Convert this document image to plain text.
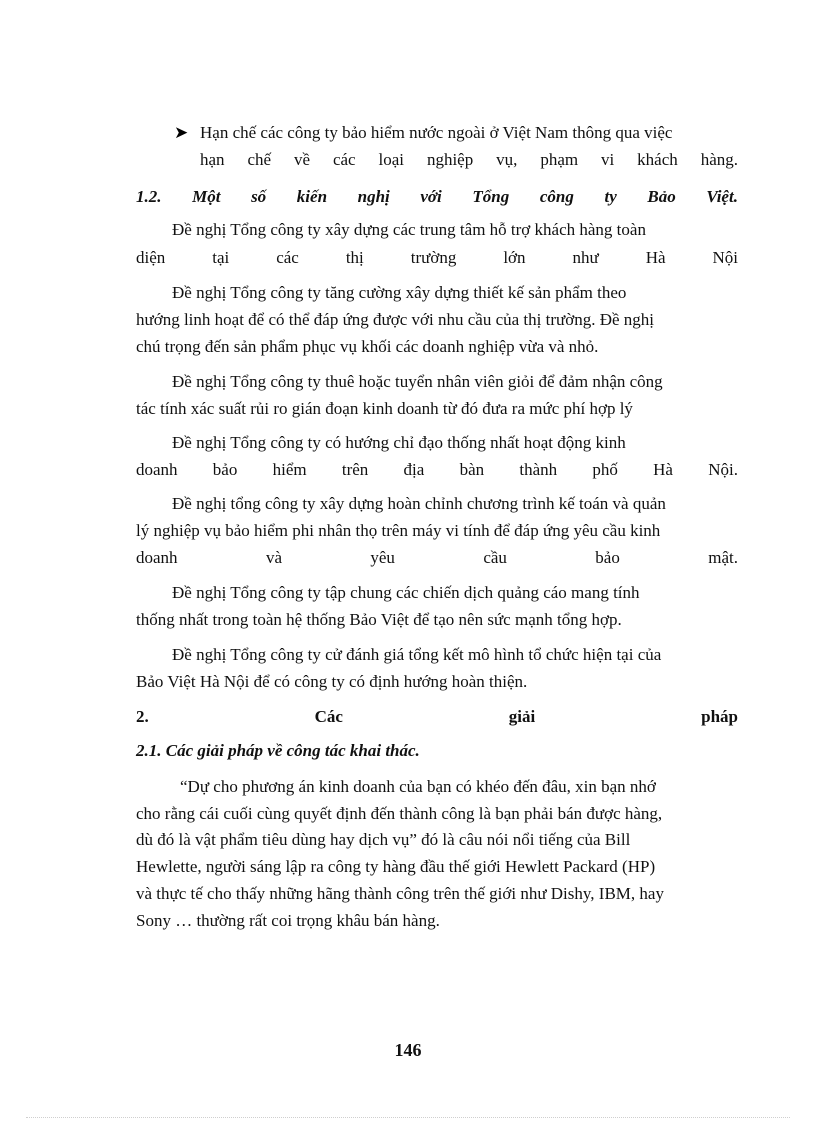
➤ Hạn chế các công ty bảo hiểm nước ngoài ở Việt Nam thông qua việc
hạn chế về các loại nghiệp vụ, phạm vi khách hàng.
1.2. Một số kiến nghị với Tổng công ty Bảo Việt.
Đề nghị Tổng công ty xây dựng các trung tâm hỗ trợ khách hàng toàn
diện	tại	các	thị	trường	lớn	như	Hà	Nội
Đề nghị Tổng công ty tăng cường xây dựng thiết kế sản phẩm theo
hướng linh hoạt để có thể đáp ứng được với nhu cầu của thị trường. Đề nghị
chú trọng đến sản phẩm phục vụ khối các doanh nghiệp vừa và nhỏ.
Đề nghị Tổng công ty thuê hoặc tuyển nhân viên giỏi để đảm nhận công
tác tính xác suất rủi ro gián đoạn kinh doanh từ đó đưa ra mức phí hợp lý
Đề nghị Tổng công ty có hướng chỉ đạo thống nhất hoạt động kinh
doanh bảo hiểm trên địa bàn thành phố Hà Nội.
Đề nghị tổng công ty xây dựng hoàn chỉnh chương trình kế toán và quản
lý nghiệp vụ bảo hiểm phi nhân thọ trên máy vi tính để đáp ứng yêu cầu kinh
doanh	và	yêu	cầu	bảo	mật.
Đề nghị Tổng công ty tập chung các chiến dịch quảng cáo mang tính
thống nhất trong toàn hệ thống Bảo Việt để tạo nên sức mạnh tổng hợp.
Đề nghị Tổng công ty cử đánh giá tổng kết mô hình tổ chức hiện tại của
Bảo Việt Hà Nội để có công ty có định hướng hoàn thiện.
2.	Các	giải	pháp
2.1. Các giải pháp về công tác khai thác.
“Dự cho phương án kinh doanh của bạn có khéo đến đâu, xin bạn nhớ
cho rằng cái cuối cùng quyết định đến thành công là bạn phải bán được hàng,
dù đó là vật phẩm tiêu dùng hay dịch vụ” đó là câu nói nổi tiếng của Bill
Hewlette, người sáng lập ra công ty hàng đầu thế giới Hewlett Packard (HP)
và thực tế cho thấy những hãng thành công trên thế giới như Dishy, IBM, hay
Sony … thường rất coi trọng khâu bán hàng.
146
